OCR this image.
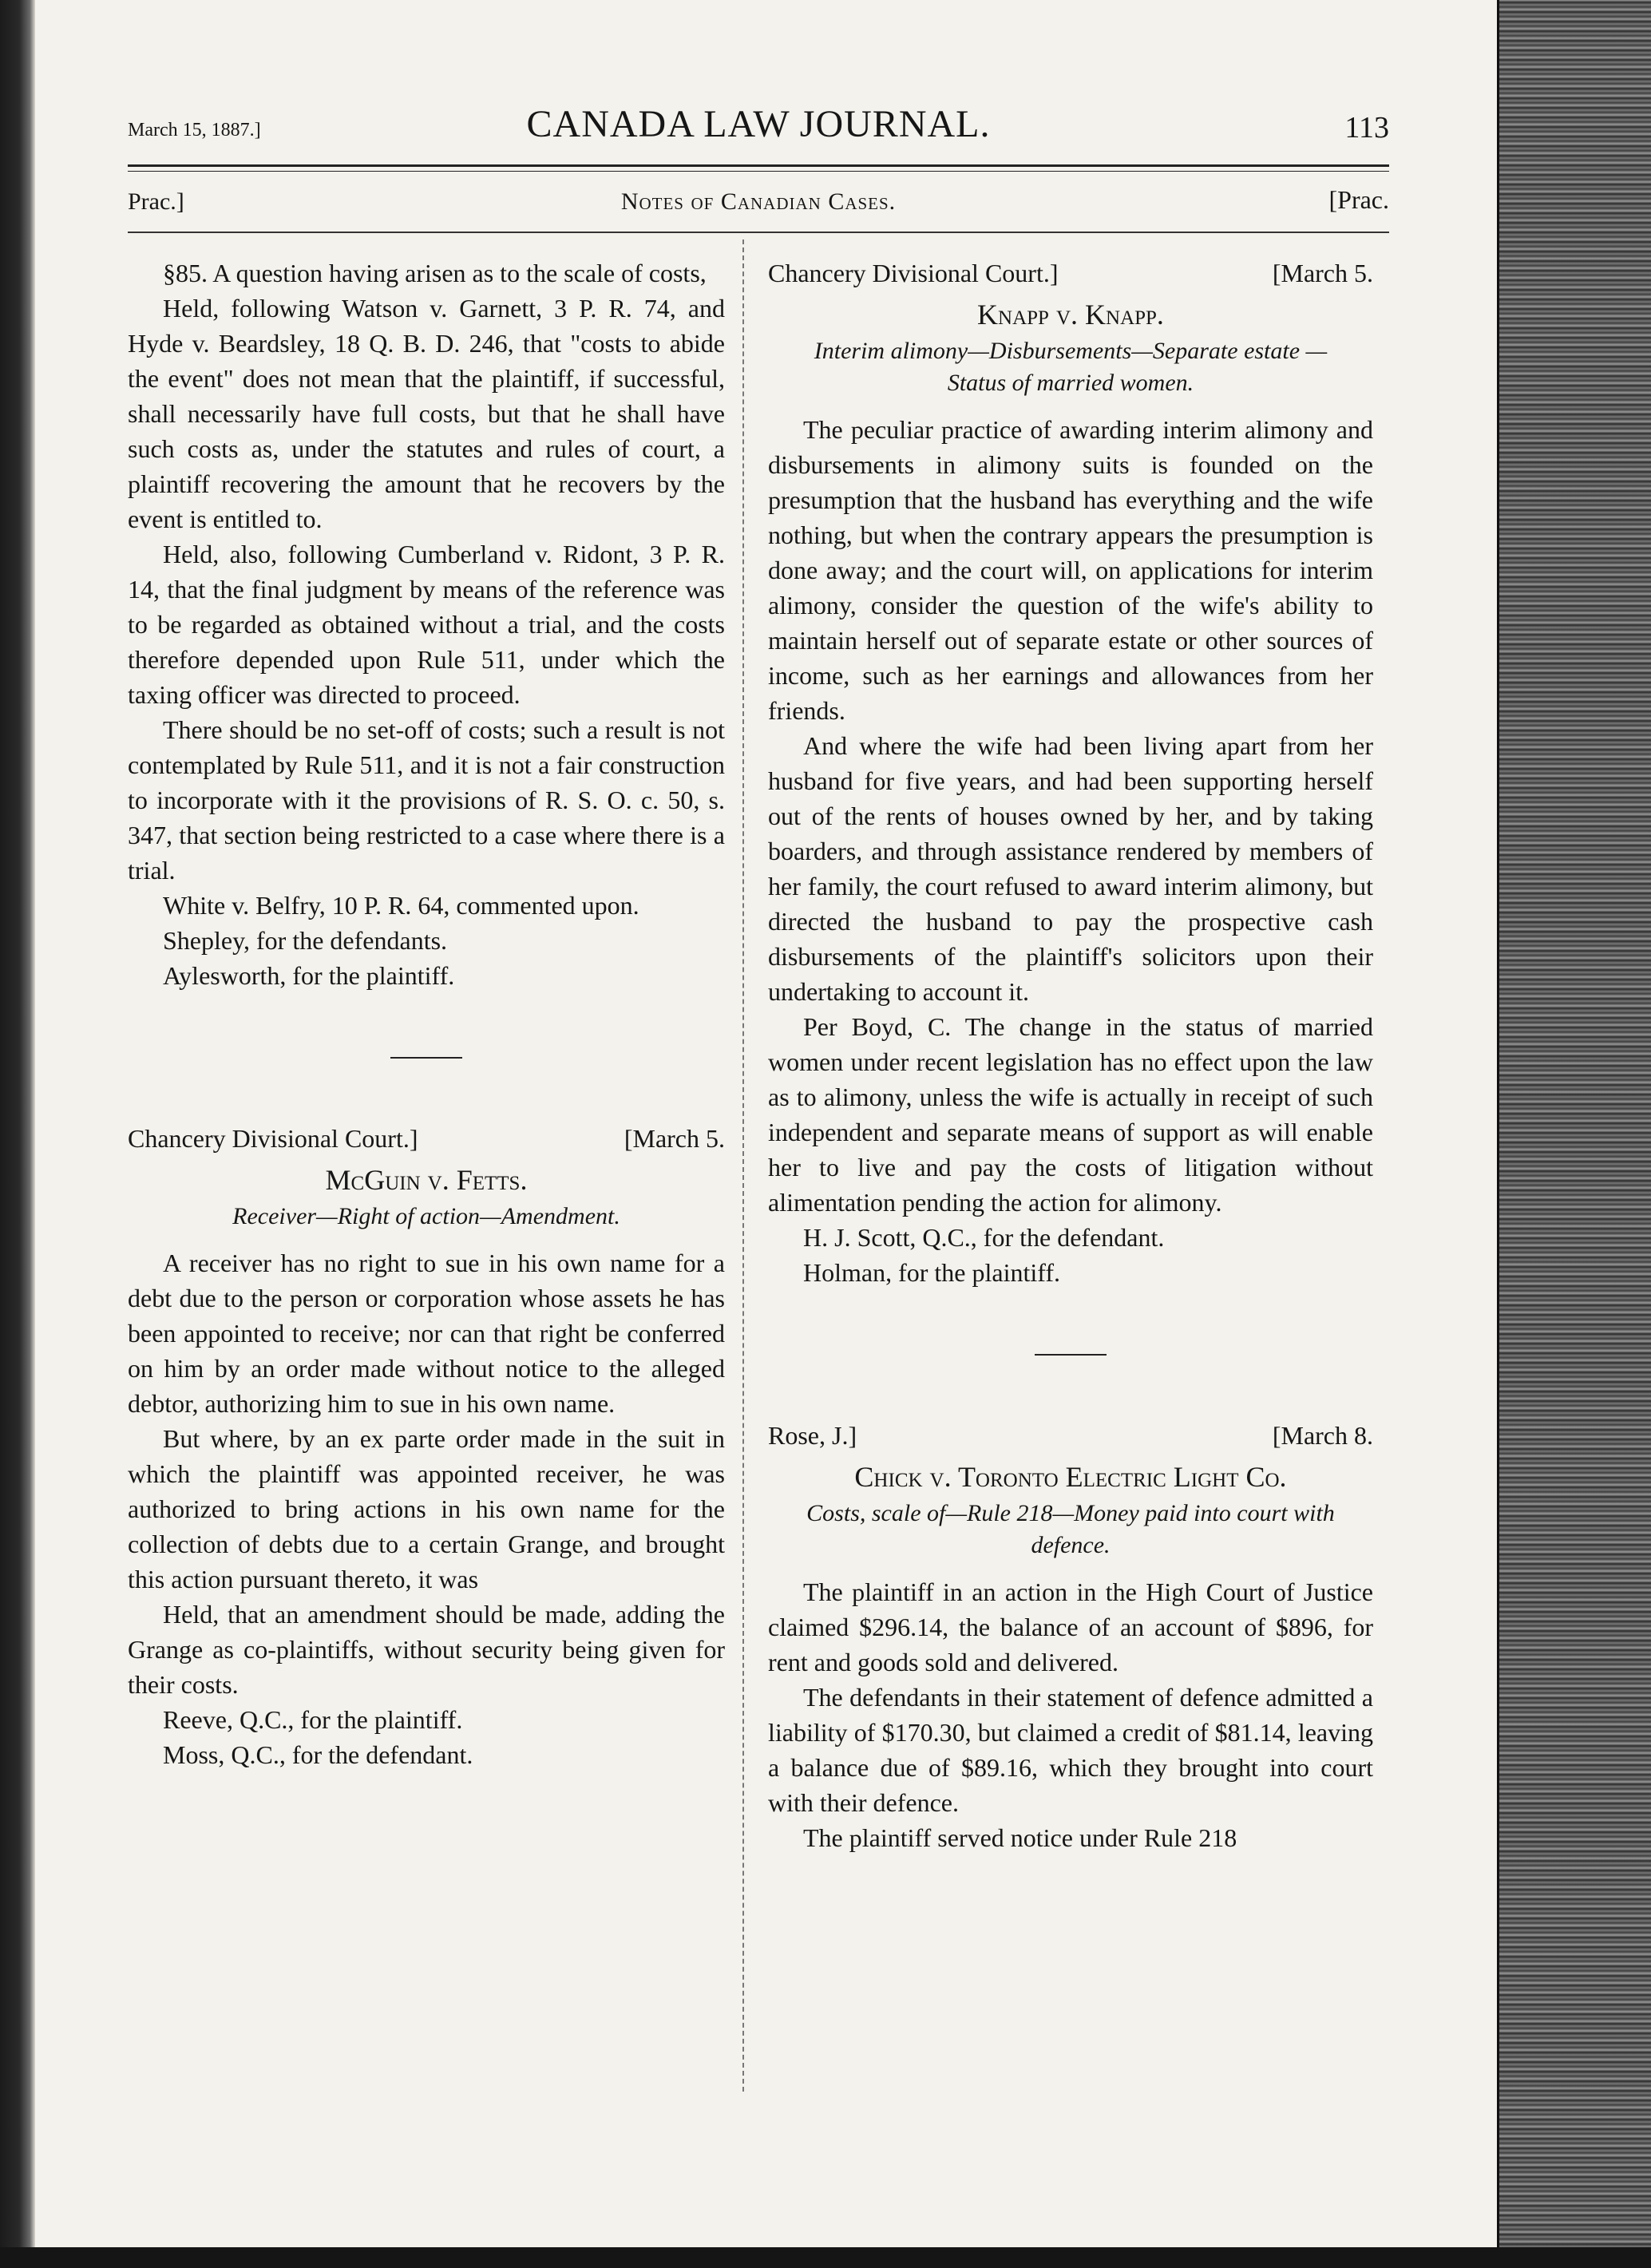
March 15, 1887.]	CANADA LAW JOURNAL.	113
Prac.]	Notes of Canadian Cases.	[Prac.

§85. A question having arisen as to the scale of costs,

Held, following Watson v. Garnett, 3 P. R. 74, and Hyde v. Beardsley, 18 Q. B. D. 246, that "costs to abide the event" does not mean that the plaintiff, if successful, shall necessarily have full costs, but that he shall have such costs as, under the statutes and rules of court, a plaintiff recovering the amount that he recovers by the event is entitled to.

Held, also, following Cumberland v. Ridont, 3 P. R. 14, that the final judgment by means of the reference was to be regarded as obtained without a trial, and the costs therefore depended upon Rule 511, under which the taxing officer was directed to proceed.

There should be no set-off of costs; such a result is not contemplated by Rule 511, and it is not a fair construction to incorporate with it the provisions of R. S. O. c. 50, s. 347, that section being restricted to a case where there is a trial.

White v. Belfry, 10 P. R. 64, commented upon.

Shepley, for the defendants.

Aylesworth, for the plaintiff.

Chancery Divisional Court.]	[March 5.
McGuin v. Fetts.
Receiver—Right of action—Amendment.

A receiver has no right to sue in his own name for a debt due to the person or corporation whose assets he has been appointed to receive; nor can that right be conferred on him by an order made without notice to the alleged debtor, authorizing him to sue in his own name.

But where, by an ex parte order made in the suit in which the plaintiff was appointed receiver, he was authorized to bring actions in his own name for the collection of debts due to a certain Grange, and brought this action pursuant thereto, it was

Held, that an amendment should be made, adding the Grange as co-plaintiffs, without security being given for their costs.

Reeve, Q.C., for the plaintiff.

Moss, Q.C., for the defendant.

Chancery Divisional Court.]	[March 5.
Knapp v. Knapp.
Interim alimony—Disbursements—Separate estate —Status of married women.

The peculiar practice of awarding interim alimony and disbursements in alimony suits is founded on the presumption that the husband has everything and the wife nothing, but when the contrary appears the presumption is done away; and the court will, on applications for interim alimony, consider the question of the wife's ability to maintain herself out of separate estate or other sources of income, such as her earnings and allowances from her friends.

And where the wife had been living apart from her husband for five years, and had been supporting herself out of the rents of houses owned by her, and by taking boarders, and through assistance rendered by members of her family, the court refused to award interim alimony, but directed the husband to pay the prospective cash disbursements of the plaintiff's solicitors upon their undertaking to account it.

Per Boyd, C. The change in the status of married women under recent legislation has no effect upon the law as to alimony, unless the wife is actually in receipt of such independent and separate means of support as will enable her to live and pay the costs of litigation without alimentation pending the action for alimony.

H. J. Scott, Q.C., for the defendant.

Holman, for the plaintiff.

Rose, J.]	[March 8.
Chick v. Toronto Electric Light Co.
Costs, scale of—Rule 218—Money paid into court with defence.

The plaintiff in an action in the High Court of Justice claimed $296.14, the balance of an account of $896, for rent and goods sold and delivered.

The defendants in their statement of defence admitted a liability of $170.30, but claimed a credit of $81.14, leaving a balance due of $89.16, which they brought into court with their defence.

The plaintiff served notice under Rule 218
